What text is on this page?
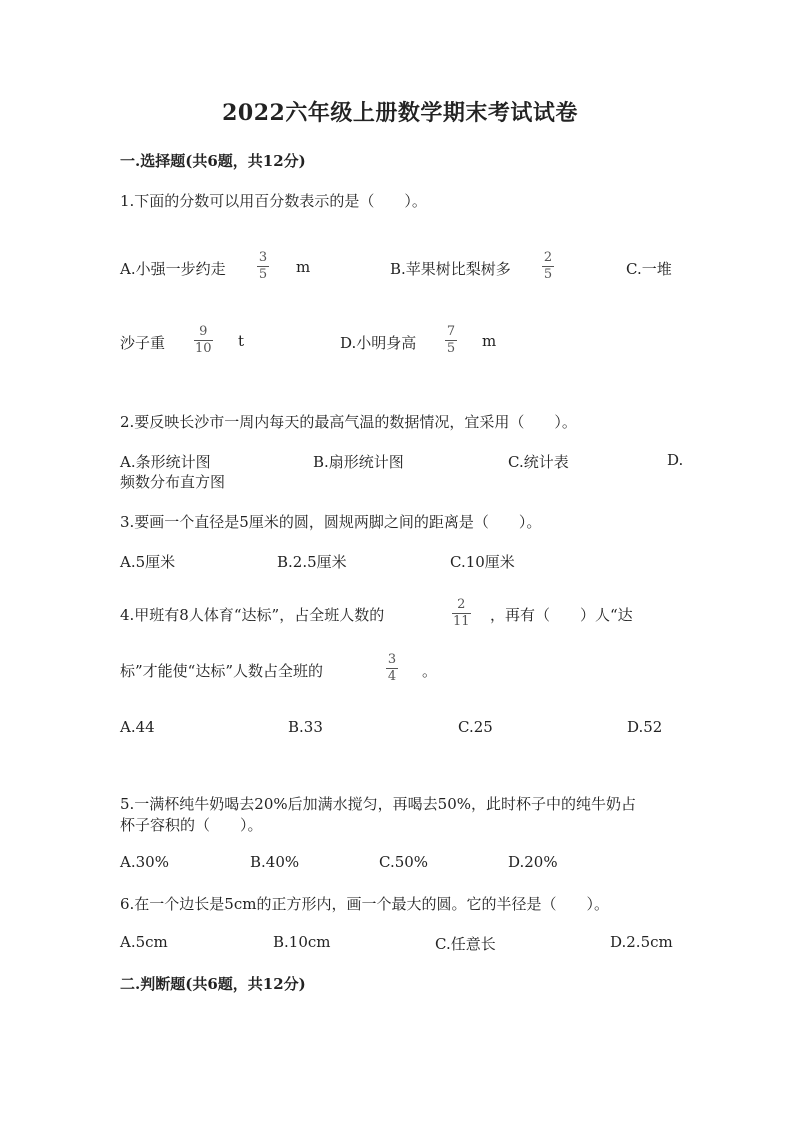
2022六年级上册数学期末考试试卷
一.选择题(共6题，共12分)
1.下面的分数可以用百分数表示的是（　　）。
A.小强一步约走
3
5 m	B.苹果树比梨树多
2
5	C.一堆
沙子重
9
10 t	D.小明身高
7
5 m
2.要反映长沙市一周内每天的最高气温的数据情况，宜采用（　　）。
A.条形统计图	B.扇形统计图	C.统计表	D.
频数分布直方图
3.要画一个直径是5厘米的圆，圆规两脚之间的距离是（　　）。
A.5厘米	B.2.5厘米	C.10厘米
4.甲班有8人体育“达标”，占全班人数的
2
11 ，再有（　　）人“达
标”才能使“达标”人数占全班的
3
4 。
A.44	B.33	C.25	D.52
5.一满杯纯牛奶喝去20%后加满水搅匀，再喝去50%，此时杯子中的纯牛奶占
杯子容积的（　　）。
A.30%	B.40%	C.50%	D.20%
6.在一个边长是5cm的正方形内，画一个最大的圆。它的半径是（　　）。
A.5cm	B.10cm	C.任意长	D.2.5cm
二.判断题(共6题，共12分)
